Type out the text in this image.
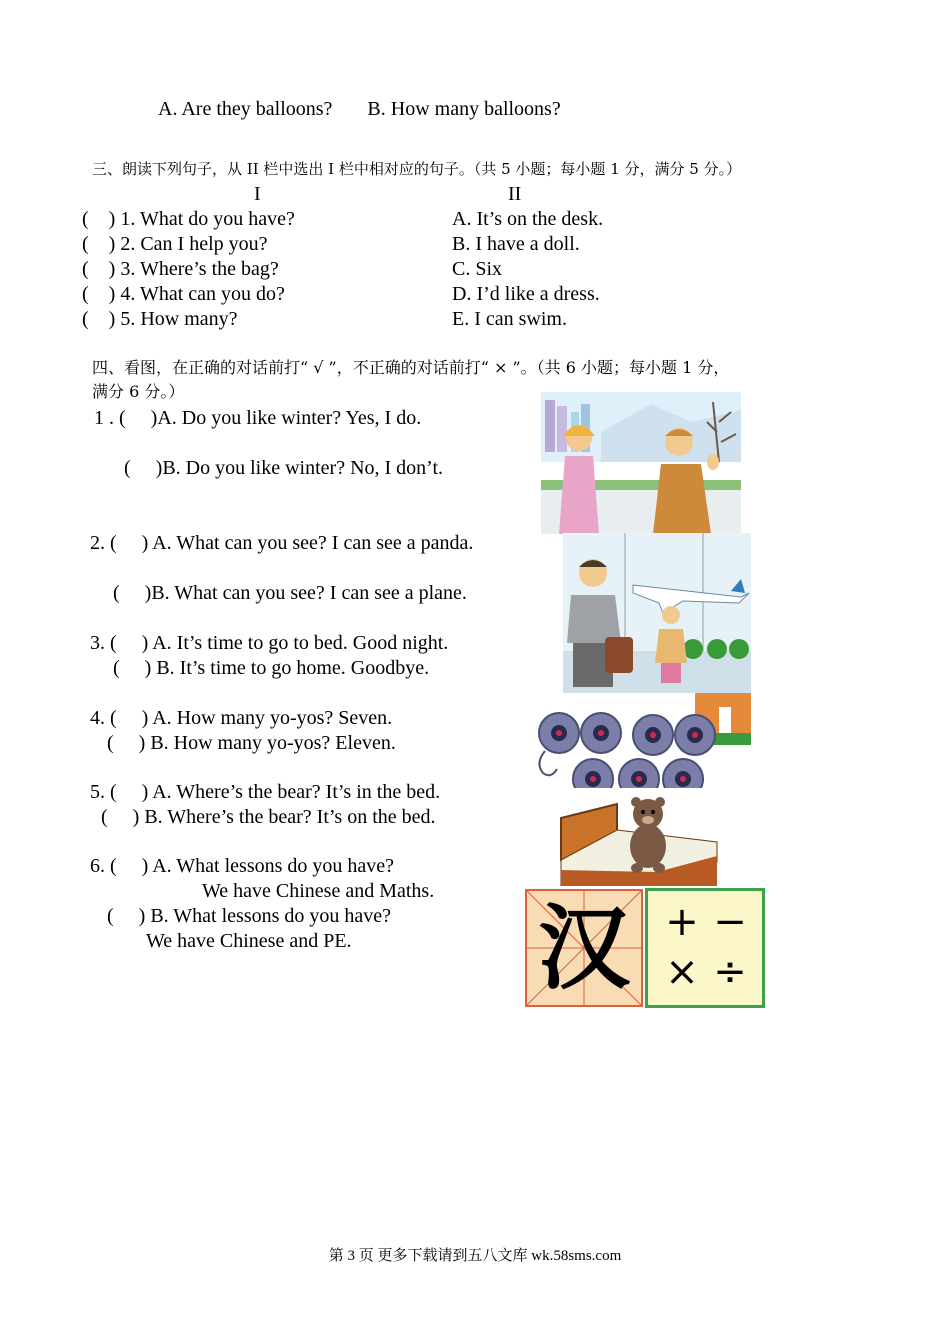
A. Are they balloons?       B. How many balloons?
三、朗读下列句子，从 II 栏中选出 I 栏中相对应的句子。（共 5 小题；每小题 1 分，满分 5 分。）
I	II
(    ) 1. What do you have?
(    ) 2. Can I help you?
(    ) 3. Where’s the bag?
(    ) 4. What can you do?
(    ) 5. How many?
A. It’s on the desk.
B. I have a doll.
C. Six
D. I’d like a dress.
E. I can swim.
四、看图，在正确的对话前打“ √ ”，不正确的对话前打“ × ”。（共 6 小题；每小题 1 分，
满分 6 分。）
1 . (     )A. Do you like winter? Yes, I do.
(     )B. Do you like winter? No, I don’t.
2. (     ) A. What can you see? I can see a panda.
(     )B. What can you see? I can see a plane.
3. (     ) A. It’s time to go to bed. Good night.
(     ) B. It’s time to go home. Goodbye.
4. (     ) A. How many yo-yos? Seven.
(     ) B. How many yo-yos? Eleven.
5. (     ) A. Where’s the bear? It’s in the bed.
(     ) B. Where’s the bear? It’s on the bed.
6. (     ) A. What lessons do you have?
We have Chinese and Maths.
(     ) B. What lessons do you have?
We have Chinese and PE. 汉 + −
× ÷
第 3 页 更多下载请到五八文库 wk.58sms.com
